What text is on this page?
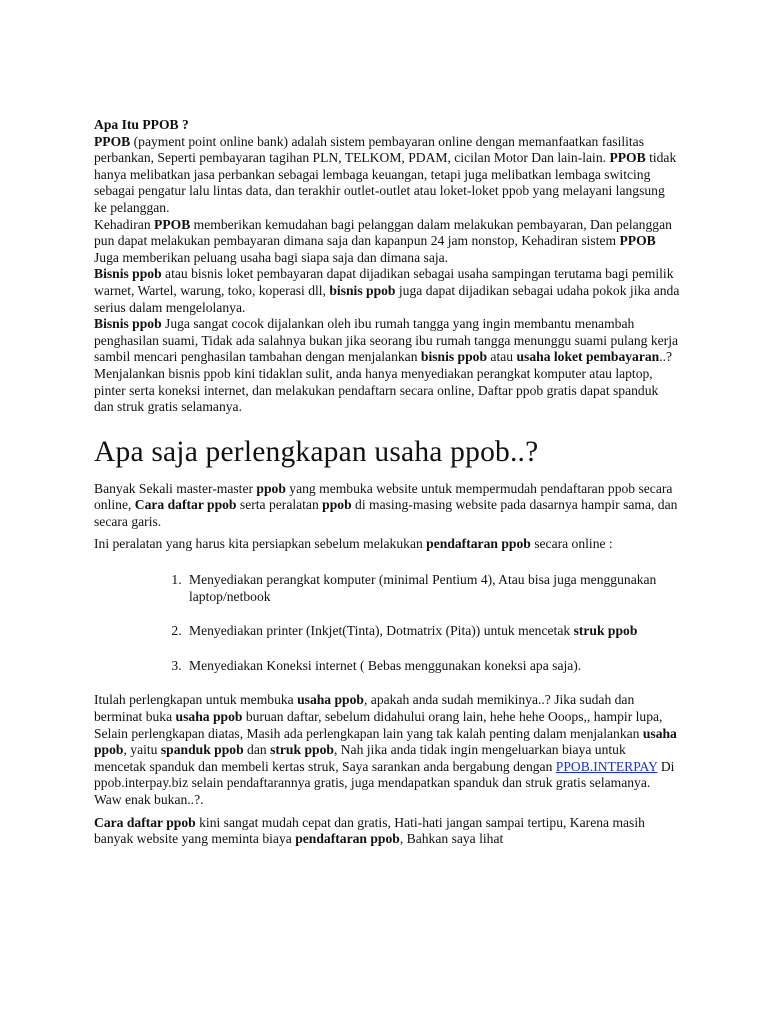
Apa Itu PPOB ?

PPOB (payment point online bank) adalah sistem pembayaran online dengan memanfaatkan fasilitas perbankan, Seperti pembayaran tagihan PLN, TELKOM, PDAM, cicilan Motor Dan lain-lain. PPOB tidak hanya melibatkan jasa perbankan sebagai lembaga keuangan, tetapi juga melibatkan lembaga switcing sebagai pengatur lalu lintas data, dan terakhir outlet-outlet atau loket-loket ppob yang melayani langsung ke pelanggan.

Kehadiran PPOB memberikan kemudahan bagi pelanggan dalam melakukan pembayaran, Dan pelanggan pun dapat melakukan pembayaran dimana saja dan kapanpun 24 jam nonstop, Kehadiran sistem PPOB Juga memberikan peluang usaha bagi siapa saja dan dimana saja.

Bisnis ppob atau bisnis loket pembayaran dapat dijadikan sebagai usaha sampingan terutama bagi pemilik warnet, Wartel, warung, toko, koperasi dll, bisnis ppob juga dapat dijadikan sebagai udaha pokok jika anda serius dalam mengelolanya.

Bisnis ppob Juga sangat cocok dijalankan oleh ibu rumah tangga yang ingin membantu menambah penghasilan suami, Tidak ada salahnya bukan jika seorang ibu rumah tangga menunggu suami pulang kerja sambil mencari penghasilan tambahan dengan menjalankan bisnis ppob atau usaha loket pembayaran..?

Menjalankan bisnis ppob kini tidaklan sulit, anda hanya menyediakan perangkat komputer atau laptop, pinter serta koneksi internet, dan melakukan pendaftarn secara online, Daftar ppob gratis dapat spanduk dan struk gratis selamanya.

Apa saja perlengkapan usaha ppob..?

Banyak Sekali master-master ppob yang membuka website untuk mempermudah pendaftaran ppob secara online, Cara daftar ppob serta peralatan ppob di masing-masing website pada dasarnya hampir sama, dan secara garis.

Ini peralatan yang harus kita persiapkan sebelum melakukan pendaftaran ppob secara online :

1. Menyediakan perangkat komputer (minimal Pentium 4), Atau bisa juga menggunakan laptop/netbook
2. Menyediakan printer (Inkjet(Tinta), Dotmatrix (Pita)) untuk mencetak struk ppob
3. Menyediakan Koneksi internet ( Bebas menggunakan koneksi apa saja).

Itulah perlengkapan untuk membuka usaha ppob, apakah anda sudah memikinya..? Jika sudah dan berminat buka usaha ppob buruan daftar, sebelum didahului orang lain, hehe hehe Ooops,, hampir lupa, Selain perlengkapan diatas, Masih ada perlengkapan lain yang tak kalah penting dalam menjalankan usaha ppob, yaitu spanduk ppob dan struk ppob, Nah jika anda tidak ingin mengeluarkan biaya untuk mencetak spanduk dan membeli kertas struk, Saya sarankan anda bergabung dengan PPOB.INTERPAY Di ppob.interpay.biz selain pendaftarannya gratis, juga mendapatkan spanduk dan struk gratis selamanya. Waw enak bukan..?.

Cara daftar ppob kini sangat mudah cepat dan gratis, Hati-hati jangan sampai tertipu, Karena masih banyak website yang meminta biaya pendaftaran ppob, Bahkan saya lihat
